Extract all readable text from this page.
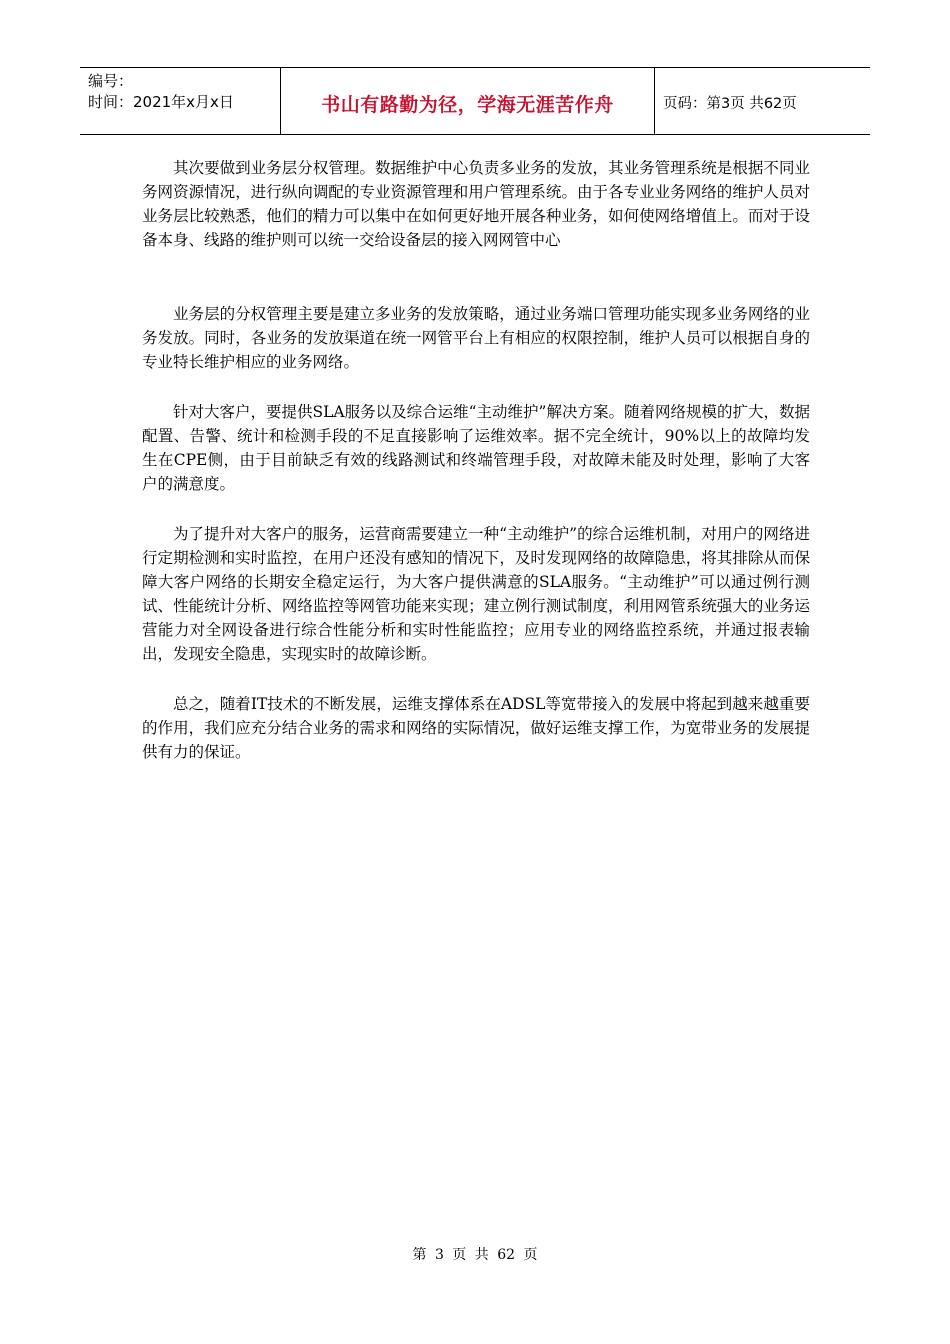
编号：
时间：2021年x月x日	书山有路勤为径，学海无涯苦作舟	页码：第3页 共62页

其次要做到业务层分权管理。数据维护中心负责多业务的发放，其业务管理系统是根据不同业务网资源情况，进行纵向调配的专业资源管理和用户管理系统。由于各专业业务网络的维护人员对业务层比较熟悉，他们的精力可以集中在如何更好地开展各种业务，如何使网络增值上。而对于设备本身、线路的维护则可以统一交给设备层的接入网网管中心

业务层的分权管理主要是建立多业务的发放策略，通过业务端口管理功能实现多业务网络的业务发放。同时，各业务的发放渠道在统一网管平台上有相应的权限控制，维护人员可以根据自身的专业特长维护相应的业务网络。

针对大客户，要提供SLA服务以及综合运维“主动维护”解决方案。随着网络规模的扩大，数据配置、告警、统计和检测手段的不足直接影响了运维效率。据不完全统计，90%以上的故障均发生在CPE侧，由于目前缺乏有效的线路测试和终端管理手段，对故障未能及时处理，影响了大客户的满意度。

为了提升对大客户的服务，运营商需要建立一种“主动维护”的综合运维机制，对用户的网络进行定期检测和实时监控，在用户还没有感知的情况下，及时发现网络的故障隐患，将其排除从而保障大客户网络的长期安全稳定运行，为大客户提供满意的SLA服务。“主动维护”可以通过例行测试、性能统计分析、网络监控等网管功能来实现；建立例行测试制度，利用网管系统强大的业务运营能力对全网设备进行综合性能分析和实时性能监控；应用专业的网络监控系统，并通过报表输出，发现安全隐患，实现实时的故障诊断。

总之，随着IT技术的不断发展，运维支撑体系在ADSL等宽带接入的发展中将起到越来越重要的作用，我们应充分结合业务的需求和网络的实际情况，做好运维支撑工作，为宽带业务的发展提供有力的保证。

第 3 页 共 62 页
